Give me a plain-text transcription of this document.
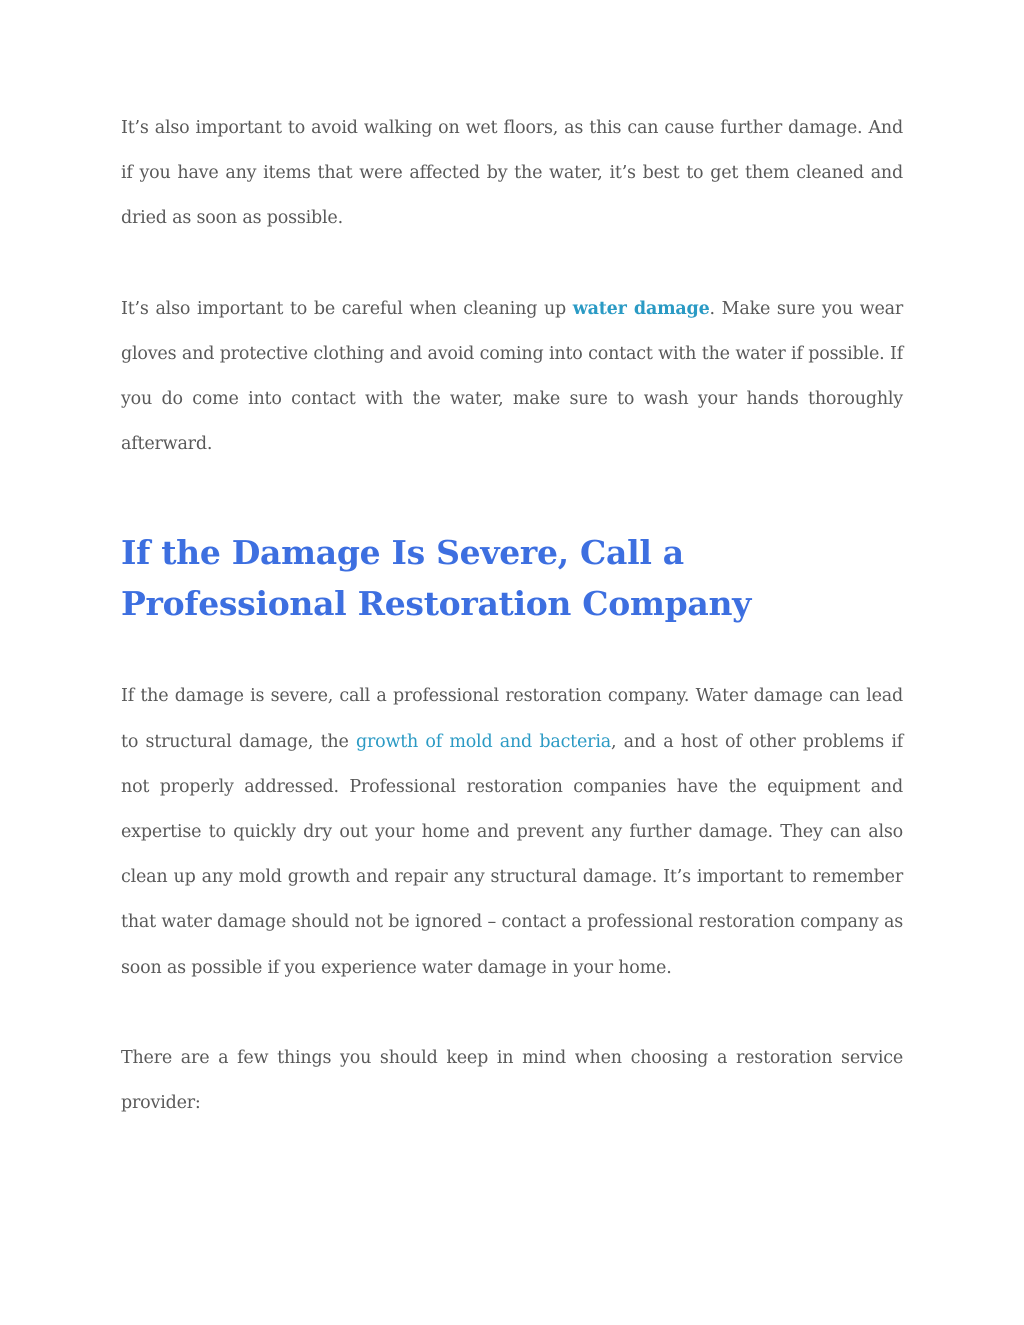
It’s also important to avoid walking on wet floors, as this can cause further damage. And if you have any items that were affected by the water, it’s best to get them cleaned and dried as soon as possible.

It’s also important to be careful when cleaning up water damage. Make sure you wear gloves and protective clothing and avoid coming into contact with the water if possible. If you do come into contact with the water, make sure to wash your hands thoroughly afterward.

If the Damage Is Severe, Call a Professional Restoration Company

If the damage is severe, call a professional restoration company. Water damage can lead to structural damage, the growth of mold and bacteria, and a host of other problems if not properly addressed. Professional restoration companies have the equipment and expertise to quickly dry out your home and prevent any further damage. They can also clean up any mold growth and repair any structural damage. It’s important to remember that water damage should not be ignored – contact a professional restoration company as soon as possible if you experience water damage in your home.

There are a few things you should keep in mind when choosing a restoration service provider:
